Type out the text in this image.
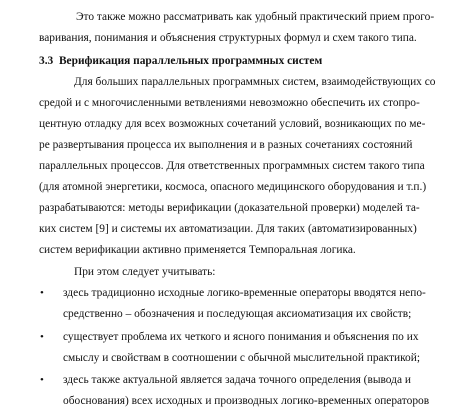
Это также можно рассматривать как удобный практический прием прого-
варивания, понимания и объяснения структурных формул и схем такого типа.
3.3 Верификация параллельных программных систем
Для больших параллельных программных систем, взаимодействующих со
средой и с многочисленными ветвлениями невозможно обеспечить их стопро-
центную отладку для всех возможных сочетаний условий, возникающих по ме-
ре развертывания процесса их выполнения и в разных сочетаниях состояний
параллельных процессов. Для ответственных программных систем такого типа
(для атомной энергетики, космоса, опасного медицинского оборудования и т.п.)
разрабатываются: методы верификации (доказательной проверки) моделей та-
ких систем [9] и системы их автоматизации. Для таких (автоматизированных)
систем верификации активно применяется Темпоральная логика.
При этом следует учитывать:
• здесь традиционно исходные логико-временные операторы вводятся непо-
средственно – обозначения и последующая аксиоматизация их свойств;
• существует проблема их четкого и ясного понимания и объяснения по их
смыслу и свойствам в соотношении с обычной мыслительной практикой;
• здесь также актуальной является задача точного определения (вывода и
обоснования) всех исходных и производных логико-временных операторов
